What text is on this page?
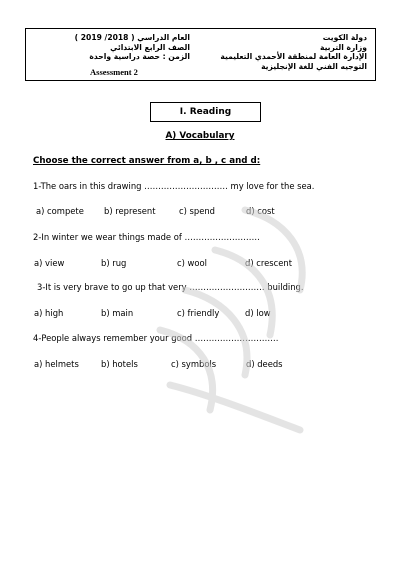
دولة الكويت
وزارة التربية
الإدارة العامة لمنطقة الأحمدي التعليمية
التوجيه الفني للغة الإنجليزية
العام الدراسي ( 2018/ 2019 )
الصف الرابع الابتدائي
الزمن : حصة دراسية واحدة
Assessment 2
I. Reading
A) Vocabulary
Choose the correct answer from a, b , c and d:
1-The oars in this drawing ………………………… my love for the sea.
a) compete b) represent	c) spend	d) cost
2-In winter we wear things made of ………………………
a) view	b) rug	c) wool	d) crescent
3-It is very brave to go up that very ……………………… building.
a) high	b) main	c) friendly	d) low
4-People always remember your good …………………………
a) helmets	b) hotels	c) symbols	d) deeds
